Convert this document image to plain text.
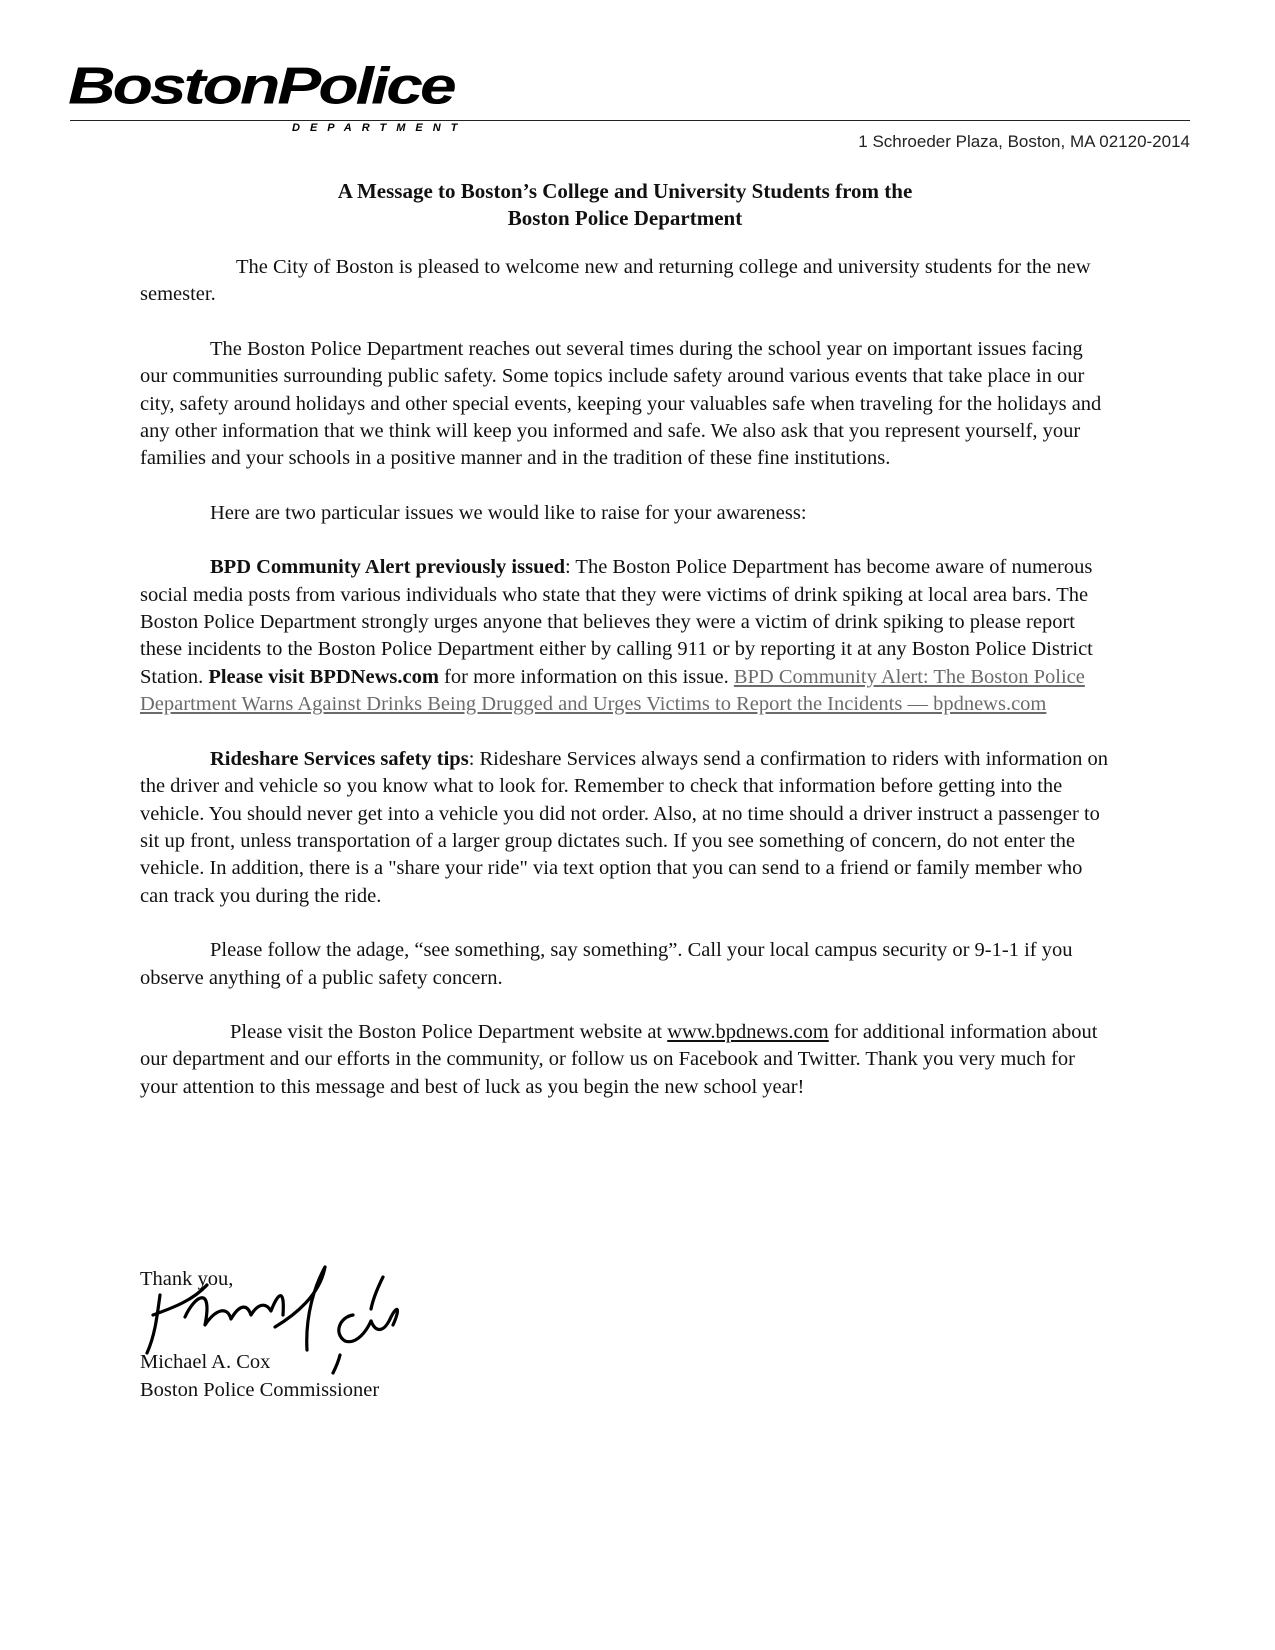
BostonPolice
DEPARTMENT
1 Schroeder Plaza, Boston, MA 02120-2014
A Message to Boston’s College and University Students from the
Boston Police Department

The City of Boston is pleased to welcome new and returning college and university students for the new semester.

The Boston Police Department reaches out several times during the school year on important issues facing our communities surrounding public safety. Some topics include safety around various events that take place in our city, safety around holidays and other special events, keeping your valuables safe when traveling for the holidays and any other information that we think will keep you informed and safe. We also ask that you represent yourself, your families and your schools in a positive manner and in the tradition of these fine institutions.

Here are two particular issues we would like to raise for your awareness:

BPD Community Alert previously issued: The Boston Police Department has become aware of numerous social media posts from various individuals who state that they were victims of drink spiking at local area bars. The Boston Police Department strongly urges anyone that believes they were a victim of drink spiking to please report these incidents to the Boston Police Department either by calling 911 or by reporting it at any Boston Police District Station. Please visit BPDNews.com for more information on this issue. BPD Community Alert: The Boston Police Department Warns Against Drinks Being Drugged and Urges Victims to Report the Incidents — bpdnews.com

Rideshare Services safety tips: Rideshare Services always send a confirmation to riders with information on the driver and vehicle so you know what to look for. Remember to check that information before getting into the vehicle. You should never get into a vehicle you did not order. Also, at no time should a driver instruct a passenger to sit up front, unless transportation of a larger group dictates such. If you see something of concern, do not enter the vehicle. In addition, there is a "share your ride" via text option that you can send to a friend or family member who can track you during the ride.

Please follow the adage, “see something, say something”. Call your local campus security or 9-1-1 if you observe anything of a public safety concern.

Please visit the Boston Police Department website at www.bpdnews.com for additional information about our department and our efforts in the community, or follow us on Facebook and Twitter. Thank you very much for your attention to this message and best of luck as you begin the new school year!

Thank you,
Michael A. Cox
Boston Police Commissioner
